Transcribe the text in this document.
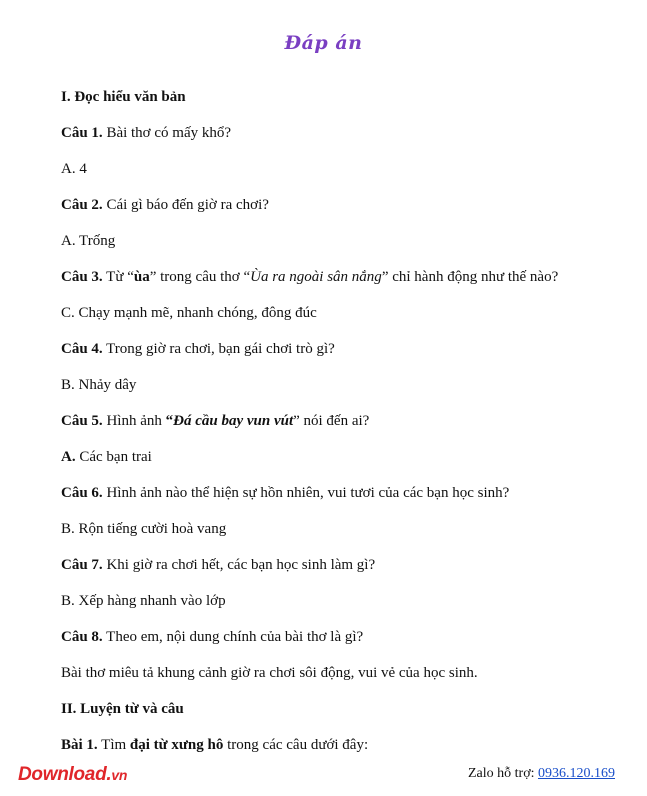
Đáp án
I. Đọc hiểu văn bản
Câu 1. Bài thơ có mấy khổ?
A. 4
Câu 2. Cái gì báo đến giờ ra chơi?
A. Trống
Câu 3. Từ “ùa” trong câu thơ “Ùa ra ngoài sân nắng” chỉ hành động như thế nào?
C. Chạy mạnh mẽ, nhanh chóng, đông đúc
Câu 4. Trong giờ ra chơi, bạn gái chơi trò gì?
B. Nhảy dây
Câu 5. Hình ảnh “Đá cầu bay vun vút” nói đến ai?
A. Các bạn trai
Câu 6. Hình ảnh nào thể hiện sự hồn nhiên, vui tươi của các bạn học sinh?
B. Rộn tiếng cười hoà vang
Câu 7. Khi giờ ra chơi hết, các bạn học sinh làm gì?
B. Xếp hàng nhanh vào lớp
Câu 8. Theo em, nội dung chính của bài thơ là gì?
Bài thơ miêu tả khung cảnh giờ ra chơi sôi động, vui vẻ của học sinh.
II. Luyện từ và câu
Bài 1. Tìm đại từ xưng hô trong các câu dưới đây:
Download.vn	Zalo hỗ trợ: 0936.120.169
